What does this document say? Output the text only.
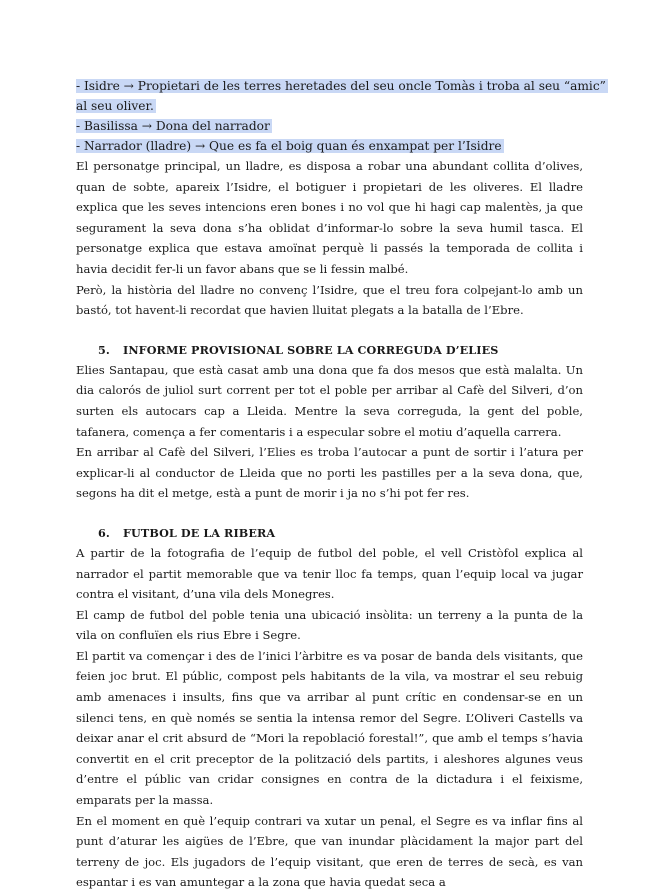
- Isidre → Propietari de les terres heretades del seu oncle Tomàs i troba al seu “amic”
al seu oliver.
- Basilissa → Dona del narrador
- Narrador (lladre) → Que es fa el boig quan és enxampat per l’Isidre

El personatge principal, un lladre, es disposa a robar una abundant collita d’olives, quan de sobte, apareix l’Isidre, el botiguer i propietari de les oliveres. El lladre explica que les seves intencions eren bones i no vol que hi hagi cap malentès, ja que segurament la seva dona s’ha oblidat d’informar-lo sobre la seva humil tasca. El personatge explica que estava amoïnat perquè li passés la temporada de collita i havia decidit fer-li un favor abans que se li fessin malbé.

Però, la història del lladre no convenç l’Isidre, que el treu fora colpejant-lo amb un bastó, tot havent-li recordat que havien lluitat plegats a la batalla de l’Ebre.

5. INFORME PROVISIONAL SOBRE LA CORREGUDA D’ELIES

Elies Santapau, que està casat amb una dona que fa dos mesos que està malalta. Un dia calorós de juliol surt corrent per tot el poble per arribar al Cafè del Silveri, d’on surten els autocars cap a Lleida. Mentre la seva correguda, la gent del poble, tafanera, comença a fer comentaris i a especular sobre el motiu d’aquella carrera.

En arribar al Cafè del Silveri, l’Elies es troba l’autocar a punt de sortir i l’atura per explicar-li al conductor de Lleida que no porti les pastilles per a la seva dona, que, segons ha dit el metge, està a punt de morir i ja no s’hi pot fer res.

6. FUTBOL DE LA RIBERA

A partir de la fotografia de l’equip de futbol del poble, el vell Cristòfol explica al narrador el partit memorable que va tenir lloc fa temps, quan l’equip local va jugar contra el visitant, d’una vila dels Monegres.

El camp de futbol del poble tenia una ubicació insòlita: un terreny a la punta de la vila on confluïen els rius Ebre i Segre.

El partit va començar i des de l’inici l’àrbitre es va posar de banda dels visitants, que feien joc brut. El públic, compost pels habitants de la vila, va mostrar el seu rebuig amb amenaces i insults, fins que va arribar al punt crític en condensar-se en un silenci tens, en què només se sentia la intensa remor del Segre. L’Oliveri Castells va deixar anar el crit absurd de “Mori la repoblació forestal!”, que amb el temps s’havia convertit en el crit preceptor de la polització dels partits, i aleshores algunes veus d’entre el públic van cridar consignes en contra de la dictadura i el feixisme, emparats per la massa.

En el moment en què l’equip contrari va xutar un penal, el Segre es va inflar fins al punt d’aturar les aigües de l’Ebre, que van inundar plàcidament la major part del terreny de joc. Els jugadors de l’equip visitant, que eren de terres de secà, es van espantar i es van amuntegar a la zona que havia quedat seca a
